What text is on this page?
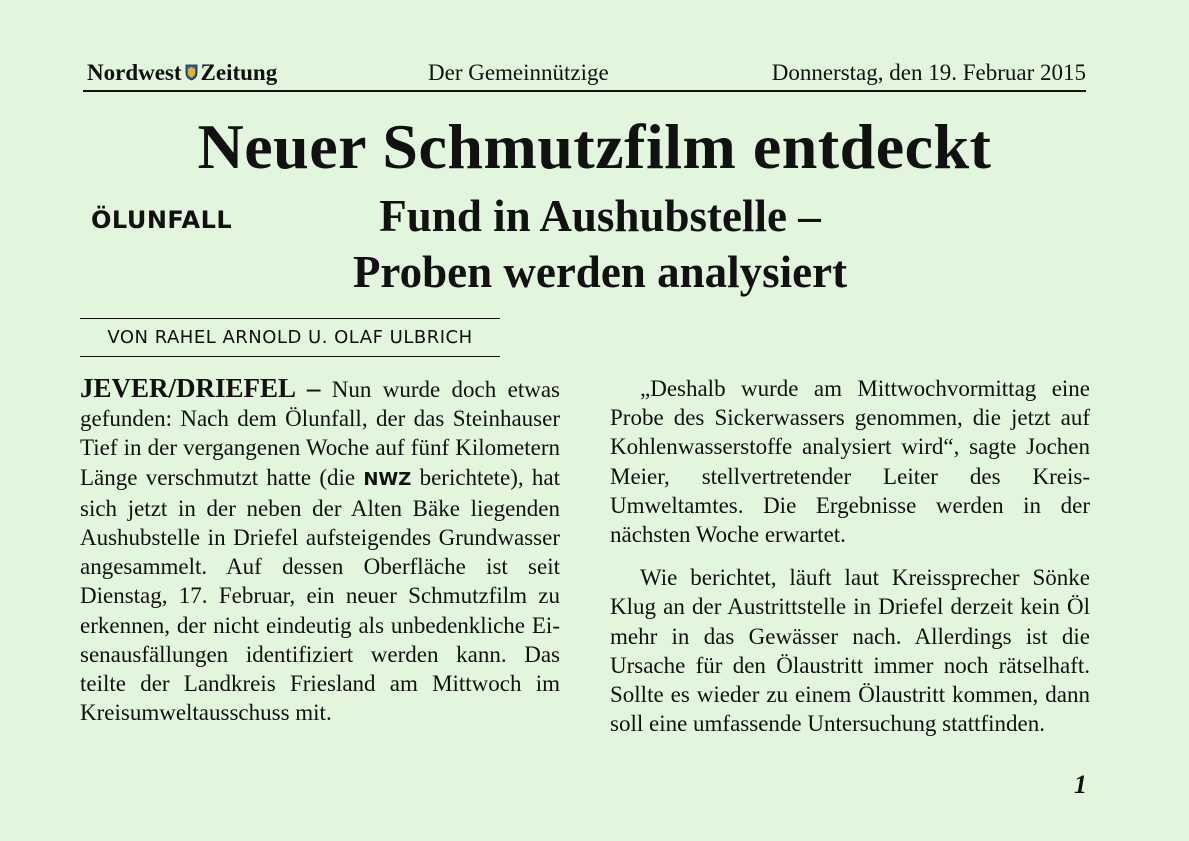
Nordwest Zeitung	Der Gemeinnützige	Donnerstag, den 19. Februar 2015
Neuer Schmutzfilm entdeckt
ÖLUNFALL	Fund in Aushubstelle –
Proben werden analysiert
VON RAHEL ARNOLD U. OLAF ULBRICH

JEVER/DRIEFEL – Nun wurde doch etwas gefunden: Nach dem Ölunfall, der das Steinhauser Tief in der vergangenen Woche auf fünf Kilometern Länge verschmutzt hatte (die NWZ berichtete), hat sich jetzt in der neben der Alten Bäke liegenden Aushubstelle in Driefel aufsteigendes Grundwasser angesammelt. Auf dessen Oberfläche ist seit Dienstag, 17. Februar, ein neuer Schmutzfilm zu erkennen, der nicht eindeutig als unbedenkliche Eisenausfällungen identifiziert werden kann. Das teilte der Landkreis Friesland am Mittwoch im Kreisumweltausschuss mit.

„Deshalb wurde am Mittwochvormittag eine Probe des Sickerwassers genommen, die jetzt auf Kohlenwasserstoffe analysiert wird“, sagte Jochen Meier, stellvertretender Leiter des Kreis-Umweltamtes. Die Ergebnisse werden in der nächsten Woche erwartet.

Wie berichtet, läuft laut Kreissprecher Sönke Klug an der Austrittstelle in Driefel derzeit kein Öl mehr in das Gewässer nach. Allerdings ist die Ursache für den Ölaustritt immer noch rätselhaft. Sollte es wieder zu einem Ölaustritt kommen, dann soll eine umfassende Untersuchung stattfinden.

1
